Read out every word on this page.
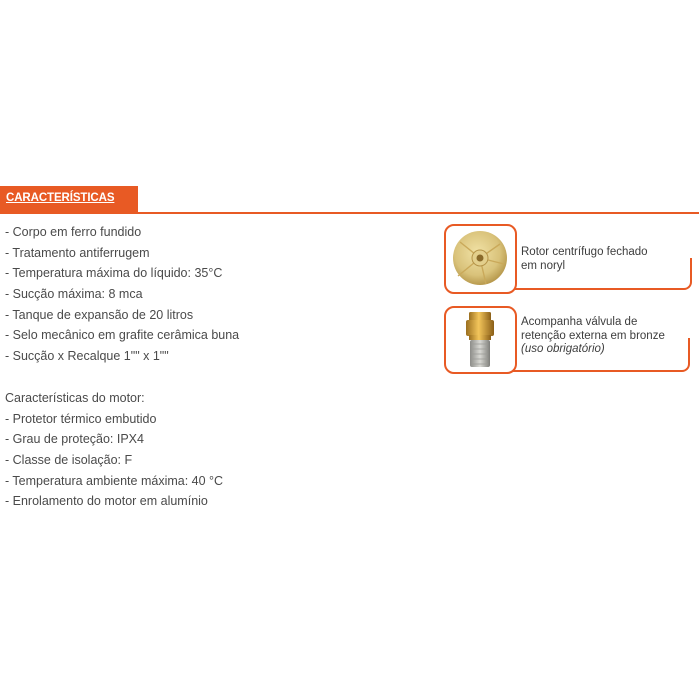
CARACTERÍSTICAS
- Corpo em ferro fundido
- Tratamento antiferrugem
- Temperatura máxima do líquido: 35°C
- Sucção máxima: 8 mca
- Tanque de expansão de 20 litros
- Selo mecânico em grafite cerâmica buna
- Sucção x Recalque 1"" x 1""
Características do motor:
- Protetor térmico embutido
- Grau de proteção: IPX4
- Classe de isolação: F
- Temperatura ambiente máxima: 40 °C
- Enrolamento do motor em alumínio
Rotor centrífugo fechado
em noryl
Acompanha válvula de
retenção externa em bronze
(uso obrigatório)
